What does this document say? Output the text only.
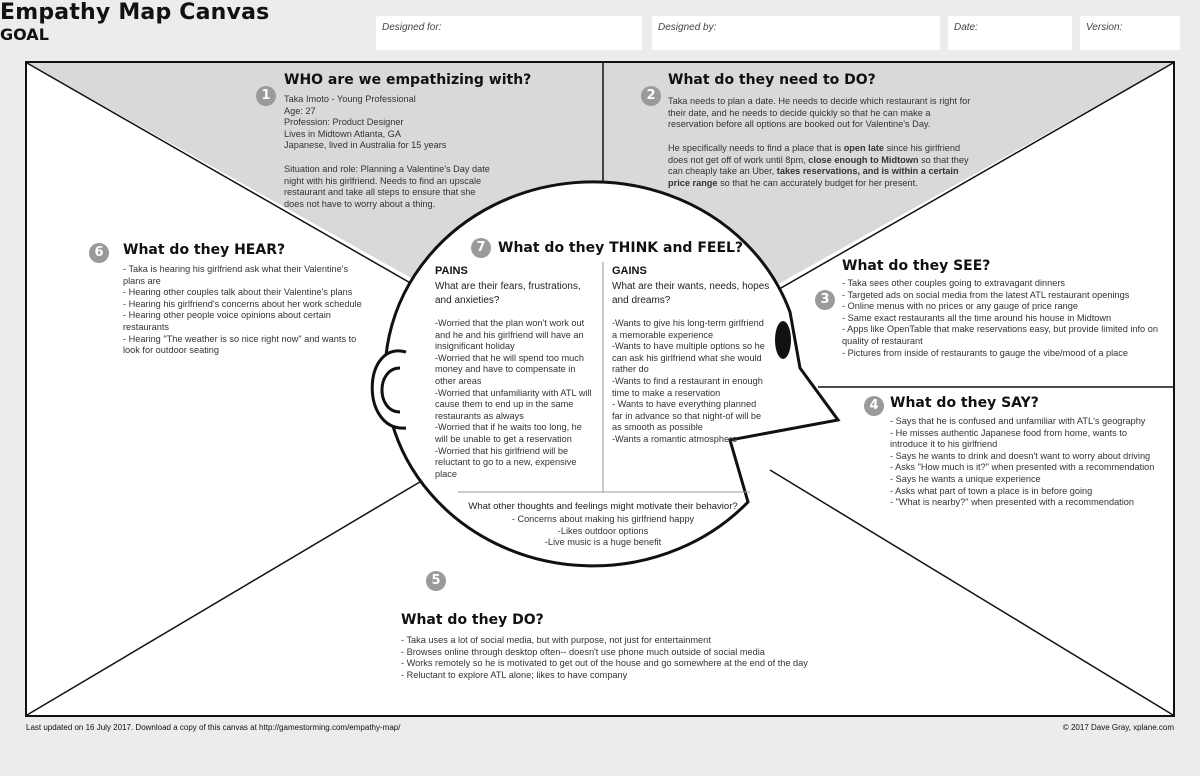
Empathy Map Canvas
Designed for:	Designed by:	Date:	Version:
GOAL
1
WHO are we empathizing with?
Taka Imoto - Young Professional
Age: 27
Profession: Product Designer
Lives in Midtown Atlanta, GA
Japanese, lived in Australia for 15 years
Situation and role: Planning a Valentine's Day date night with his girlfriend. Needs to find an upscale restaurant and take all steps to ensure that she does not have to worry about a thing.
2
What do they need to DO?
Taka needs to plan a date. He needs to decide which restaurant is right for their date, and he needs to decide quickly so that he can make a reservation before all options are booked out for Valentine's Day.
He specifically needs to find a place that is open late since his girlfriend does not get off of work until 8pm, close enough to Midtown so that they can cheaply take an Uber, takes reservations, and is within a certain price range so that he can accurately budget for her present.
6	What do they HEAR?
- Taka is hearing his girlfriend ask what their Valentine's plans are
- Hearing other couples talk about their Valentine's plans
- Hearing his girlfriend's concerns about her work schedule
- Hearing other people voice opinions about certain restaurants
- Hearing "The weather is so nice right now" and wants to look for outdoor seating
3
What do they SEE?
- Taka sees other couples going to extravagant dinners
- Targeted ads on social media from the latest ATL restaurant openings
- Online menus with no prices or any gauge of price range
- Same exact restaurants all the time around his house in Midtown
- Apps like OpenTable that make reservations easy, but provide limited info on quality of restaurant
- Pictures from inside of restaurants to gauge the vibe/mood of a place
4 What do they SAY?
- Says that he is confused and unfamiliar with ATL's geography
- He misses authentic Japanese food from home, wants to introduce it to his girlfriend
- Says he wants to drink and doesn't want to worry about driving
- Asks "How much is it?" when presented with a recommendation
- Says he wants a unique experience
- Asks what part of town a place is in before going
- "What is nearby?" when presented with a recommendation
5
What do they DO?
- Taka uses a lot of social media, but with purpose, not just for entertainment
- Browses online through desktop often-- doesn't use phone much outside of social media
- Works remotely so he is motivated to get out of the house and go somewhere at the end of the day
- Reluctant to explore ATL alone; likes to have company
7 What do they THINK and FEEL?
PAINS
What are their fears, frustrations, and anxieties?
-Worried that the plan won't work out and he and his girlfriend will have an insignificant holiday
-Worried that he will spend too much money and have to compensate in other areas
-Worried that unfamiliarity with ATL will cause them to end up in the same restaurants as always
-Worried that if he waits too long, he will be unable to get a reservation
-Worried that his girlfriend will be reluctant to go to a new, expensive place
GAINS
What are their wants, needs, hopes and dreams?
-Wants to give his long-term girlfriend a memorable experience
-Wants to have multiple options so he can ask his girlfriend what she would rather do
-Wants to find a restaurant in enough time to make a reservation
- Wants to have everything planned far in advance so that night-of will be as smooth as possible
-Wants a romantic atmosphere
What other thoughts and feelings might motivate their behavior?
- Concerns about making his girlfriend happy
-Likes outdoor options
-Live music is a huge benefit
Last updated on 16 July 2017. Download a copy of this canvas at http://gamestorming.com/empathy-map/	© 2017 Dave Gray, xplane.com
